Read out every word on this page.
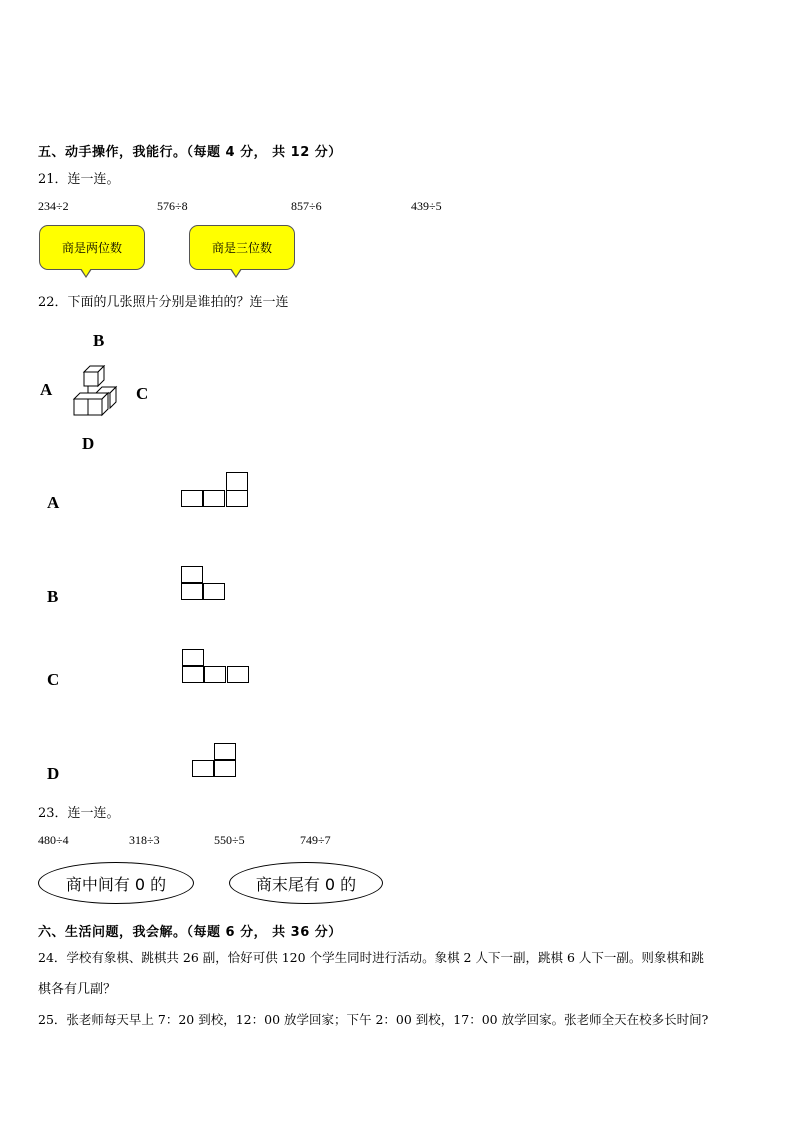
五、动手操作，我能行。（每题 4 分， 共 12 分）
21．连一连。
234÷2	576÷8	857÷6	439÷5
商是两位数	商是三位数
22．下面的几张照片分别是谁拍的？连一连
B
A	C
D
A
B
C
D
23．连一连。
480÷4	318÷3	550÷5	749÷7
商中间有 0 的	商末尾有 0 的
六、生活问题，我会解。（每题 6 分， 共 36 分）
24．学校有象棋、跳棋共 26 副，恰好可供 120 个学生同时进行活动。象棋 2 人下一副，跳棋 6 人下一副。则象棋和跳
棋各有几副？
25．张老师每天早上 7：20 到校，12：00 放学回家；下午 2：00 到校，17：00 放学回家。张老师全天在校多长时间?
